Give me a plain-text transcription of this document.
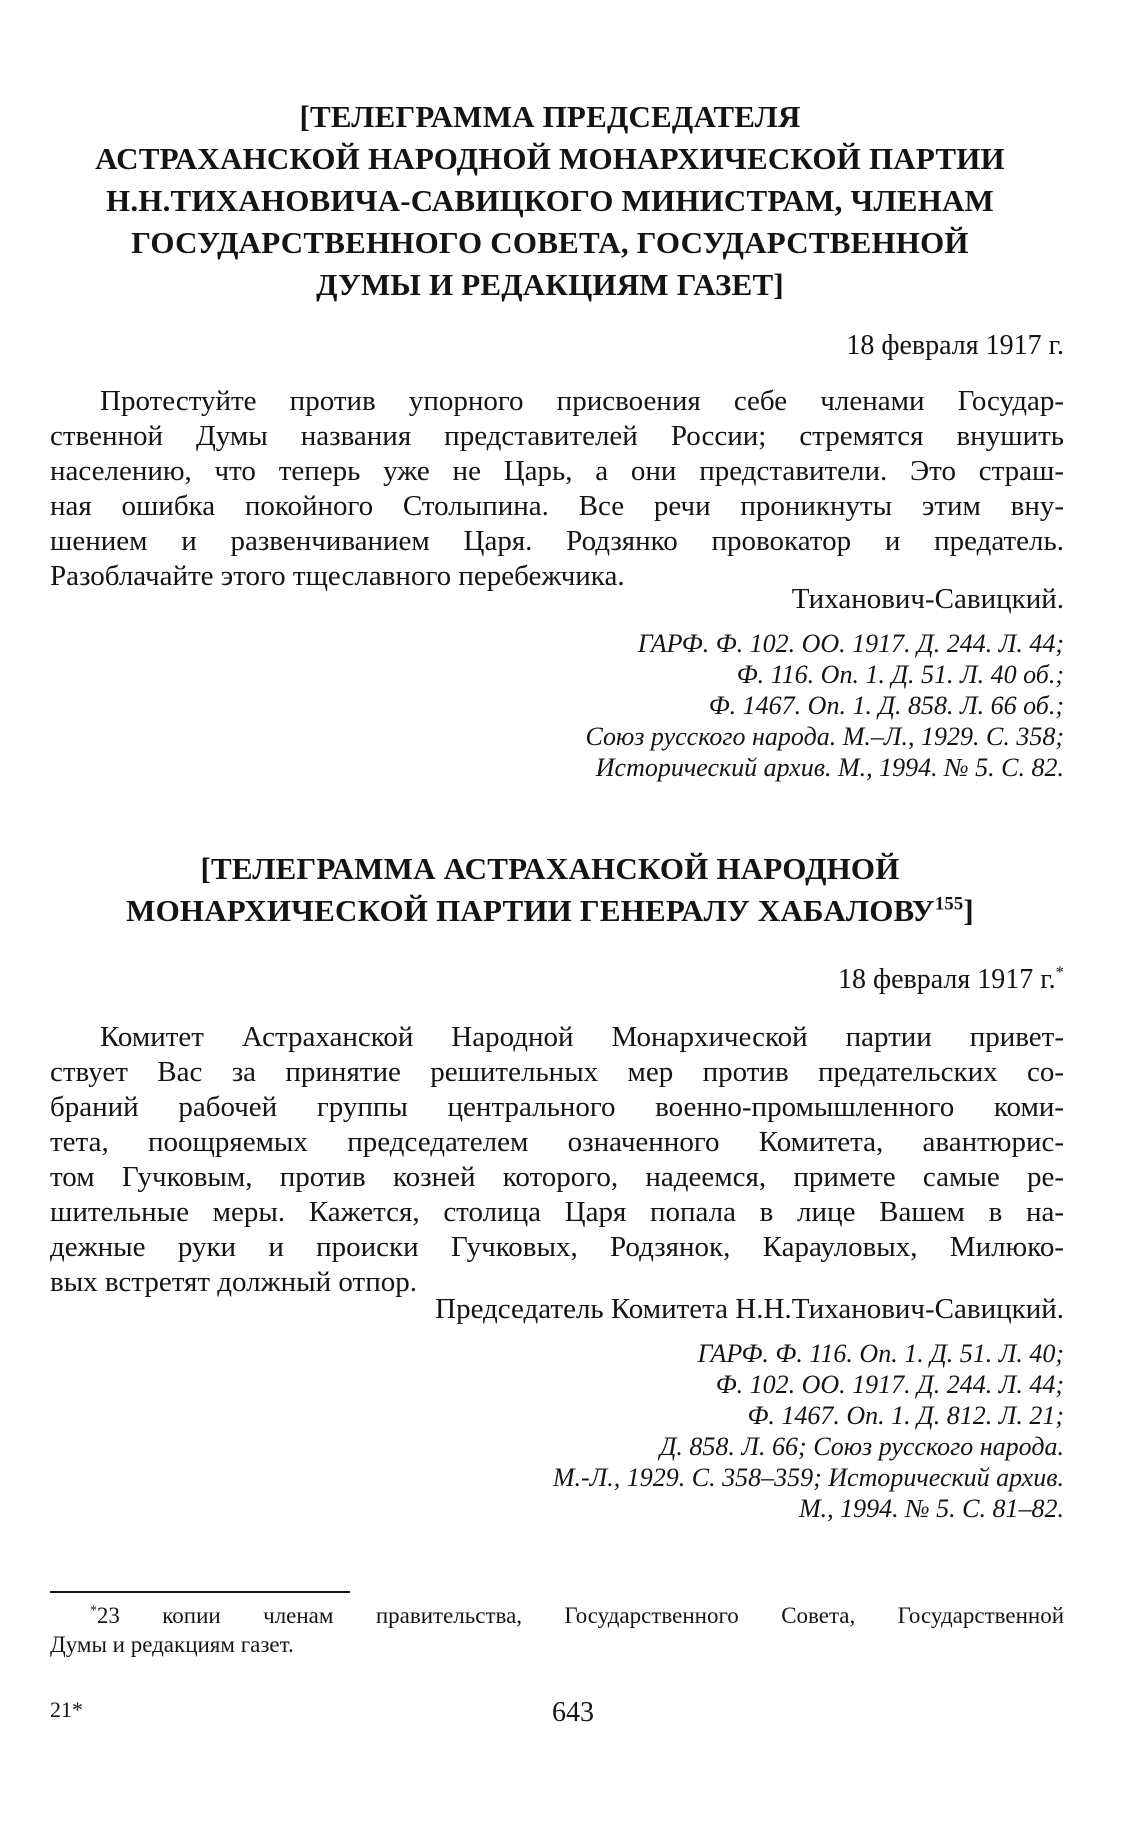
[ТЕЛЕГРАММА ПРЕДСЕДАТЕЛЯ
АСТРАХАНСКОЙ НАРОДНОЙ МОНАРХИЧЕСКОЙ ПАРТИИ
Н.Н.ТИХАНОВИЧА-САВИЦКОГО МИНИСТРАМ, ЧЛЕНАМ
ГОСУДАРСТВЕННОГО СОВЕТА, ГОСУДАРСТВЕННОЙ
ДУМЫ И РЕДАКЦИЯМ ГАЗЕТ]
18 февраля 1917 г.
Протестуйте против упорного присвоения себе членами Государ-
ственной Думы названия представителей России; стремятся внушить
населению, что теперь уже не Царь, а они представители. Это страш-
ная ошибка покойного Столыпина. Все речи проникнуты этим вну-
шением и развенчиванием Царя. Родзянко провокатор и предатель.
Разоблачайте этого тщеславного перебежчика.
Тиханович-Савицкий.
ГАРФ. Ф. 102. ОО. 1917. Д. 244. Л. 44;
Ф. 116. Оп. 1. Д. 51. Л. 40 об.;
Ф. 1467. Оп. 1. Д. 858. Л. 66 об.;
Союз русского народа. М.–Л., 1929. С. 358;
Исторический архив. М., 1994. № 5. С. 82.
[ТЕЛЕГРАММА АСТРАХАНСКОЙ НАРОДНОЙ
МОНАРХИЧЕСКОЙ ПАРТИИ ГЕНЕРАЛУ ХАБАЛОВУ$^{155}$]
18 февраля 1917 г.*
Комитет Астраханской Народной Монархической партии привет-
ствует Вас за принятие решительных мер против предательских со-
браний рабочей группы центрального военно-промышленного коми-
тета, поощряемых председателем означенного Комитета, авантюрис-
том Гучковым, против козней которого, надеемся, примете самые ре-
шительные меры. Кажется, столица Царя попала в лице Вашем в на-
дежные руки и происки Гучковых, Родзянок, Карауловых, Милюко-
вых встретят должный отпор.
Председатель Комитета Н.Н.Тиханович-Савицкий.
ГАРФ. Ф. 116. Оп. 1. Д. 51. Л. 40;
Ф. 102. ОО. 1917. Д. 244. Л. 44;
Ф. 1467. Оп. 1. Д. 812. Л. 21;
Д. 858. Л. 66; Союз русского народа.
М.-Л., 1929. С. 358–359; Исторический архив.
М., 1994. № 5. С. 81–82.
*23 копии членам правительства, Государственного Совета, Государственной
Думы и редакциям газет.
21*	643
